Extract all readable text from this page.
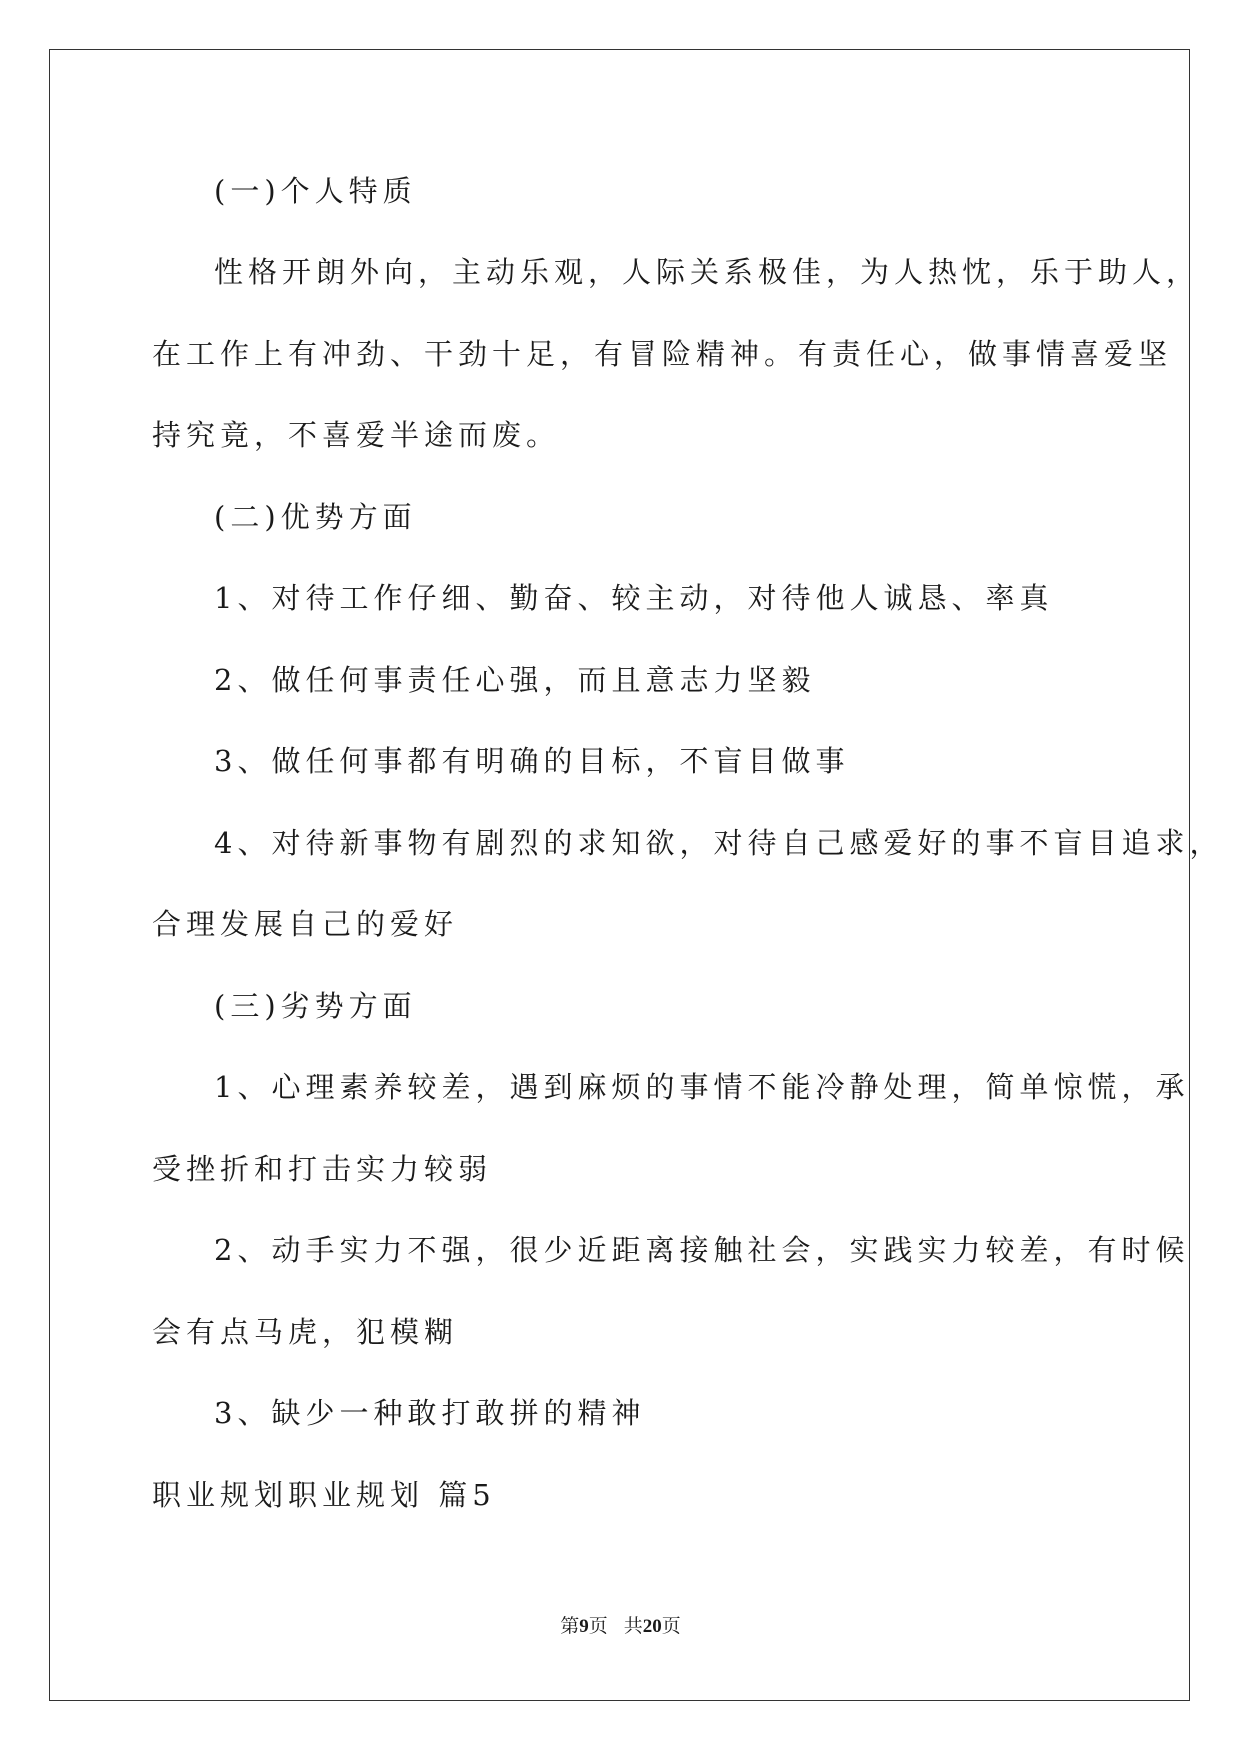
(一)个人特质
性格开朗外向，主动乐观，人际关系极佳，为人热忱，乐于助人，
在工作上有冲劲、干劲十足，有冒险精神。有责任心，做事情喜爱坚
持究竟，不喜爱半途而废。
(二)优势方面
1、对待工作仔细、勤奋、较主动，对待他人诚恳、率真
2、做任何事责任心强，而且意志力坚毅
3、做任何事都有明确的目标，不盲目做事
4、对待新事物有剧烈的求知欲，对待自己感爱好的事不盲目追求，
合理发展自己的爱好
(三)劣势方面
1、心理素养较差，遇到麻烦的事情不能冷静处理，简单惊慌，承
受挫折和打击实力较弱
2、动手实力不强，很少近距离接触社会，实践实力较差，有时候
会有点马虎，犯模糊
3、缺少一种敢打敢拼的精神
职业规划职业规划 篇5
第9页 共20页
